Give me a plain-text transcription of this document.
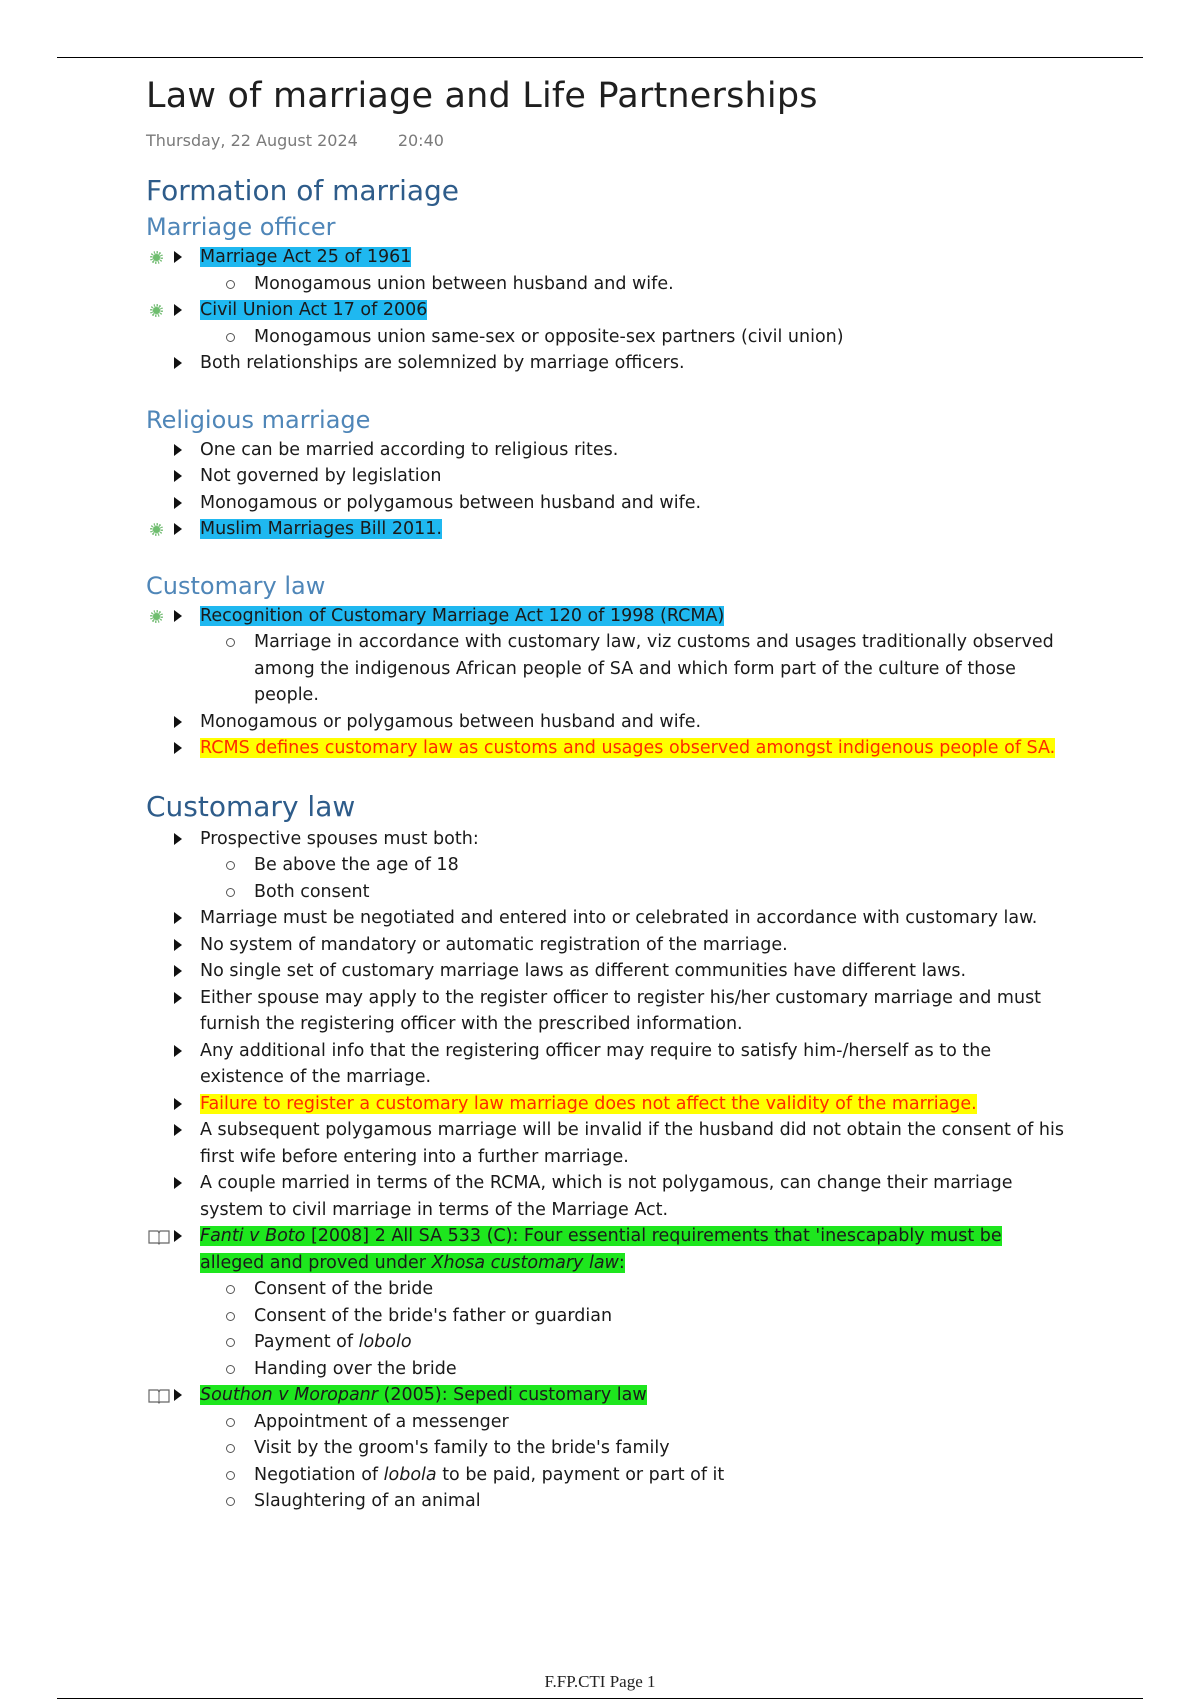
Law of marriage and Life Partnerships
Thursday, 22 August 2024	20:40
Formation of marriage
Marriage officer
Marriage Act 25 of 1961
Monogamous union between husband and wife.
Civil Union Act 17 of 2006
Monogamous union same-sex or opposite-sex partners (civil union)
Both relationships are solemnized by marriage officers.
Religious marriage
One can be married according to religious rites.
Not governed by legislation
Monogamous or polygamous between husband and wife.
Muslim Marriages Bill 2011.
Customary law
Recognition of Customary Marriage Act 120 of 1998 (RCMA)
Marriage in accordance with customary law, viz customs and usages traditionally observed among the indigenous African people of SA and which form part of the culture of those people.
Monogamous or polygamous between husband and wife.
RCMS defines customary law as customs and usages observed amongst indigenous people of SA.
Customary law
Prospective spouses must both:
Be above the age of 18
Both consent
Marriage must be negotiated and entered into or celebrated in accordance with customary law.
No system of mandatory or automatic registration of the marriage.
No single set of customary marriage laws as different communities have different laws.
Either spouse may apply to the register officer to register his/her customary marriage and must furnish the registering officer with the prescribed information.
Any additional info that the registering officer may require to satisfy him-/herself as to the existence of the marriage.
Failure to register a customary law marriage does not affect the validity of the marriage.
A subsequent polygamous marriage will be invalid if the husband did not obtain the consent of his first wife before entering into a further marriage.
A couple married in terms of the RCMA, which is not polygamous, can change their marriage system to civil marriage in terms of the Marriage Act.
Fanti v Boto [2008] 2 All SA 533 (C): Four essential requirements that 'inescapably must be alleged and proved under Xhosa customary law:
Consent of the bride
Consent of the bride's father or guardian
Payment of lobolo
Handing over the bride
Southon v Moropanr (2005): Sepedi customary law
Appointment of a messenger
Visit by the groom's family to the bride's family
Negotiation of lobola to be paid, payment or part of it
Slaughtering of an animal
F.FP.CTI Page 1
